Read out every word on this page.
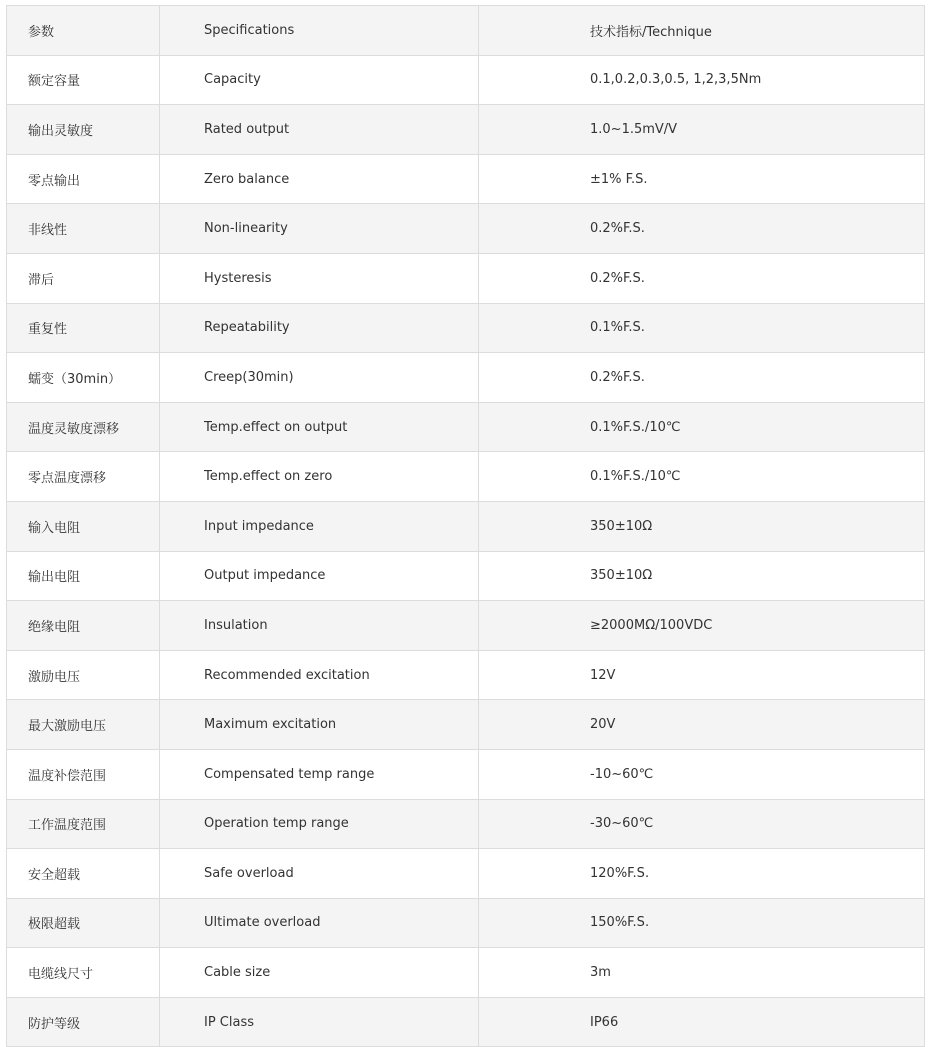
参数	Specifications	技术指标/Technique
额定容量	Capacity	0.1,0.2,0.3,0.5, 1,2,3,5Nm
输出灵敏度	Rated output	1.0~1.5mV/V
零点输出	Zero balance	±1% F.S.
非线性	Non-linearity	0.2%F.S.
滞后	Hysteresis	0.2%F.S.
重复性	Repeatability	0.1%F.S.
蠕变（30min）	Creep(30min)	0.2%F.S.
温度灵敏度漂移	Temp.effect on output	0.1%F.S./10℃
零点温度漂移	Temp.effect on zero	0.1%F.S./10℃
输入电阻	Input impedance	350±10Ω
输出电阻	Output impedance	350±10Ω
绝缘电阻	Insulation	≥2000MΩ/100VDC
激励电压	Recommended excitation	12V
最大激励电压	Maximum excitation	20V
温度补偿范围	Compensated temp range	-10~60℃
工作温度范围	Operation temp range	-30~60℃
安全超载	Safe overload	120%F.S.
极限超载	Ultimate overload	150%F.S.
电缆线尺寸	Cable size	3m
防护等级	IP Class	IP66
